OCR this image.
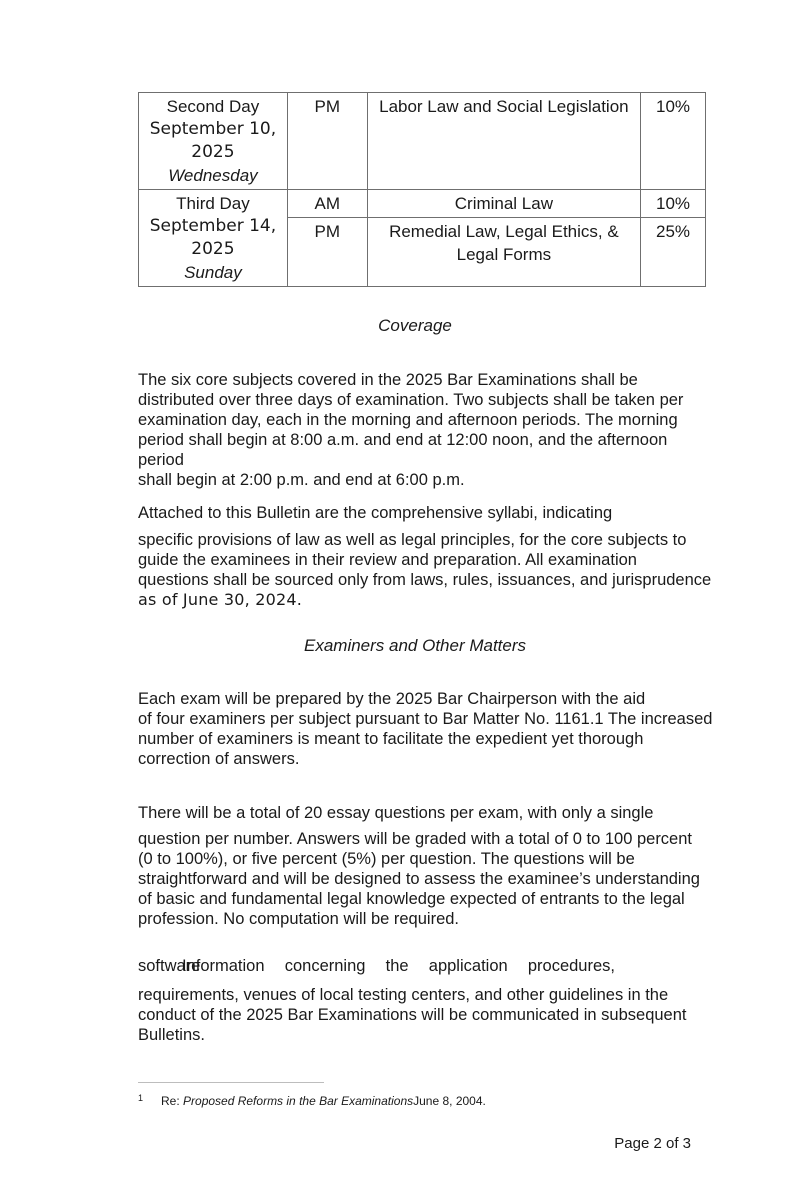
Second Day
September 10,
2025
Wednesday	PM	Labor Law and Social Legislation	10%

Third Day
September 14,
2025
Sunday	AM	Criminal Law	10%
	PM	Remedial Law, Legal Ethics, &
Legal Forms	25%
Coverage

The six core subjects covered in the 2025 Bar Examinations shall be
distributed over three days of examination. Two subjects shall be taken per
examination day, each in the morning and afternoon periods. The morning
period shall begin at 8:00 a.m. and end at 12:00 noon, and the afternoon period
shall begin at 2:00 p.m. and end at 6:00 p.m.

Attached to this Bulletin are the comprehensive syllabi, indicating

specific provisions of law as well as legal principles, for the core subjects to
guide the examinees in their review and preparation. All examination
questions shall be sourced only from laws, rules, issuances, and jurisprudence
as of June 30, 2024.

Examiners and Other Matters

Each exam will be prepared by the 2025 Bar Chairperson with the aid
of four examiners per subject pursuant to Bar Matter No. 1161.1 The increased
number of examiners is meant to facilitate the expedient yet thorough
correction of answers.

There will be a total of 20 essay questions per exam, with only a single

question per number. Answers will be graded with a total of 0 to 100 percent
(0 to 100%), or five percent (5%) per question. The questions will be
straightforward and will be designed to assess the examinee’s understanding
of basic and fundamental legal knowledge expected of entrants to the legal
profession. No computation will be required.

software
Information concerning the application procedures,

requirements, venues of local testing centers, and other guidelines in the
conduct of the 2025 Bar Examinations will be communicated in subsequent
Bulletins.

$^1$ Re: Proposed Reforms in the Bar ExaminationsJune 8, 2004.
Page 2 of 3
